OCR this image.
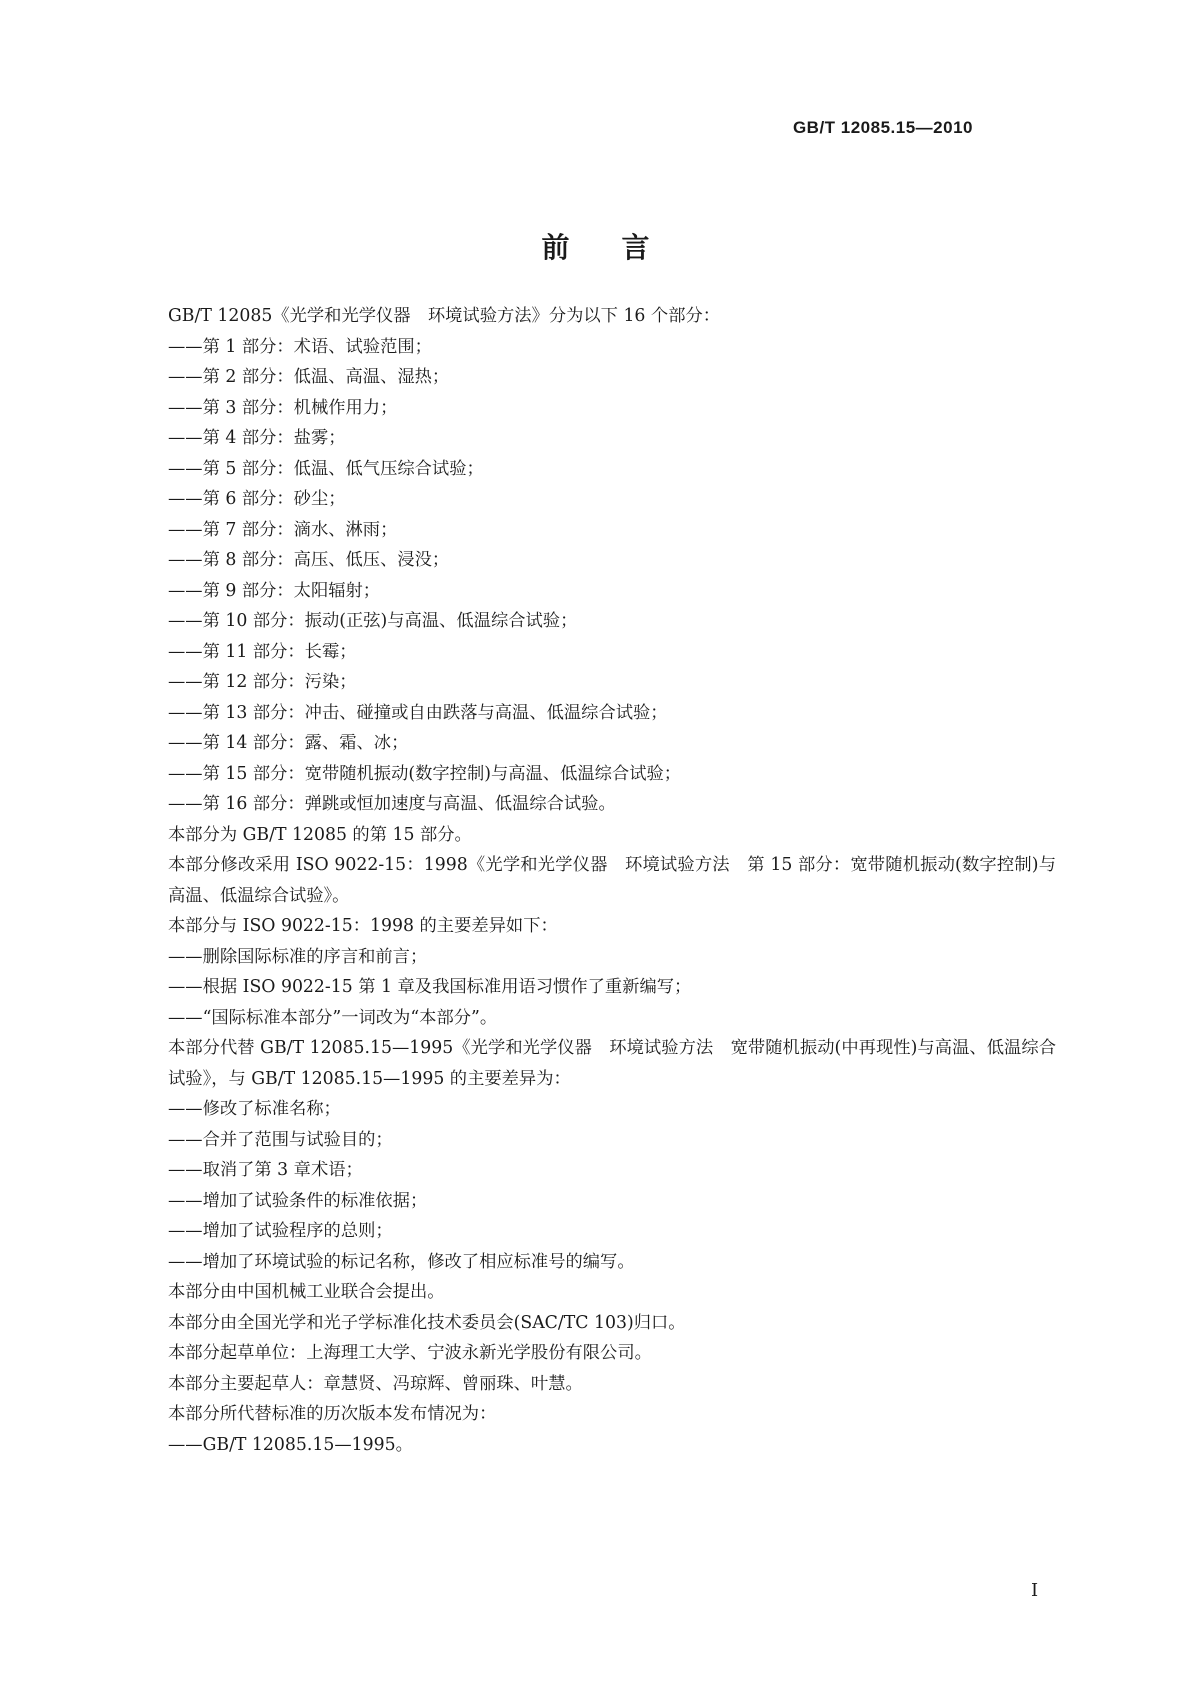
GB/T 12085.15—2010
前言
GB/T 12085《光学和光学仪器　环境试验方法》分为以下 16 个部分：
——第 1 部分：术语、试验范围；
——第 2 部分：低温、高温、湿热；
——第 3 部分：机械作用力；
——第 4 部分：盐雾；
——第 5 部分：低温、低气压综合试验；
——第 6 部分：砂尘；
——第 7 部分：滴水、淋雨；
——第 8 部分：高压、低压、浸没；
——第 9 部分：太阳辐射；
——第 10 部分：振动(正弦)与高温、低温综合试验；
——第 11 部分：长霉；
——第 12 部分：污染；
——第 13 部分：冲击、碰撞或自由跌落与高温、低温综合试验；
——第 14 部分：露、霜、冰；
——第 15 部分：宽带随机振动(数字控制)与高温、低温综合试验；
——第 16 部分：弹跳或恒加速度与高温、低温综合试验。
本部分为 GB/T 12085 的第 15 部分。
本部分修改采用 ISO 9022-15：1998《光学和光学仪器　环境试验方法　第 15 部分：宽带随机振动(数字控制)与高温、低温综合试验》。
本部分与 ISO 9022-15：1998 的主要差异如下：
——删除国际标准的序言和前言；
——根据 ISO 9022-15 第 1 章及我国标准用语习惯作了重新编写；
——“国际标准本部分”一词改为“本部分”。
本部分代替 GB/T 12085.15—1995《光学和光学仪器　环境试验方法　宽带随机振动(中再现性)与高温、低温综合试验》，与 GB/T 12085.15—1995 的主要差异为：
——修改了标准名称；
——合并了范围与试验目的；
——取消了第 3 章术语；
——增加了试验条件的标准依据；
——增加了试验程序的总则；
——增加了环境试验的标记名称，修改了相应标准号的编写。
本部分由中国机械工业联合会提出。
本部分由全国光学和光子学标准化技术委员会(SAC/TC 103)归口。
本部分起草单位：上海理工大学、宁波永新光学股份有限公司。
本部分主要起草人：章慧贤、冯琼辉、曾丽珠、叶慧。
本部分所代替标准的历次版本发布情况为：
——GB/T 12085.15—1995。
I
